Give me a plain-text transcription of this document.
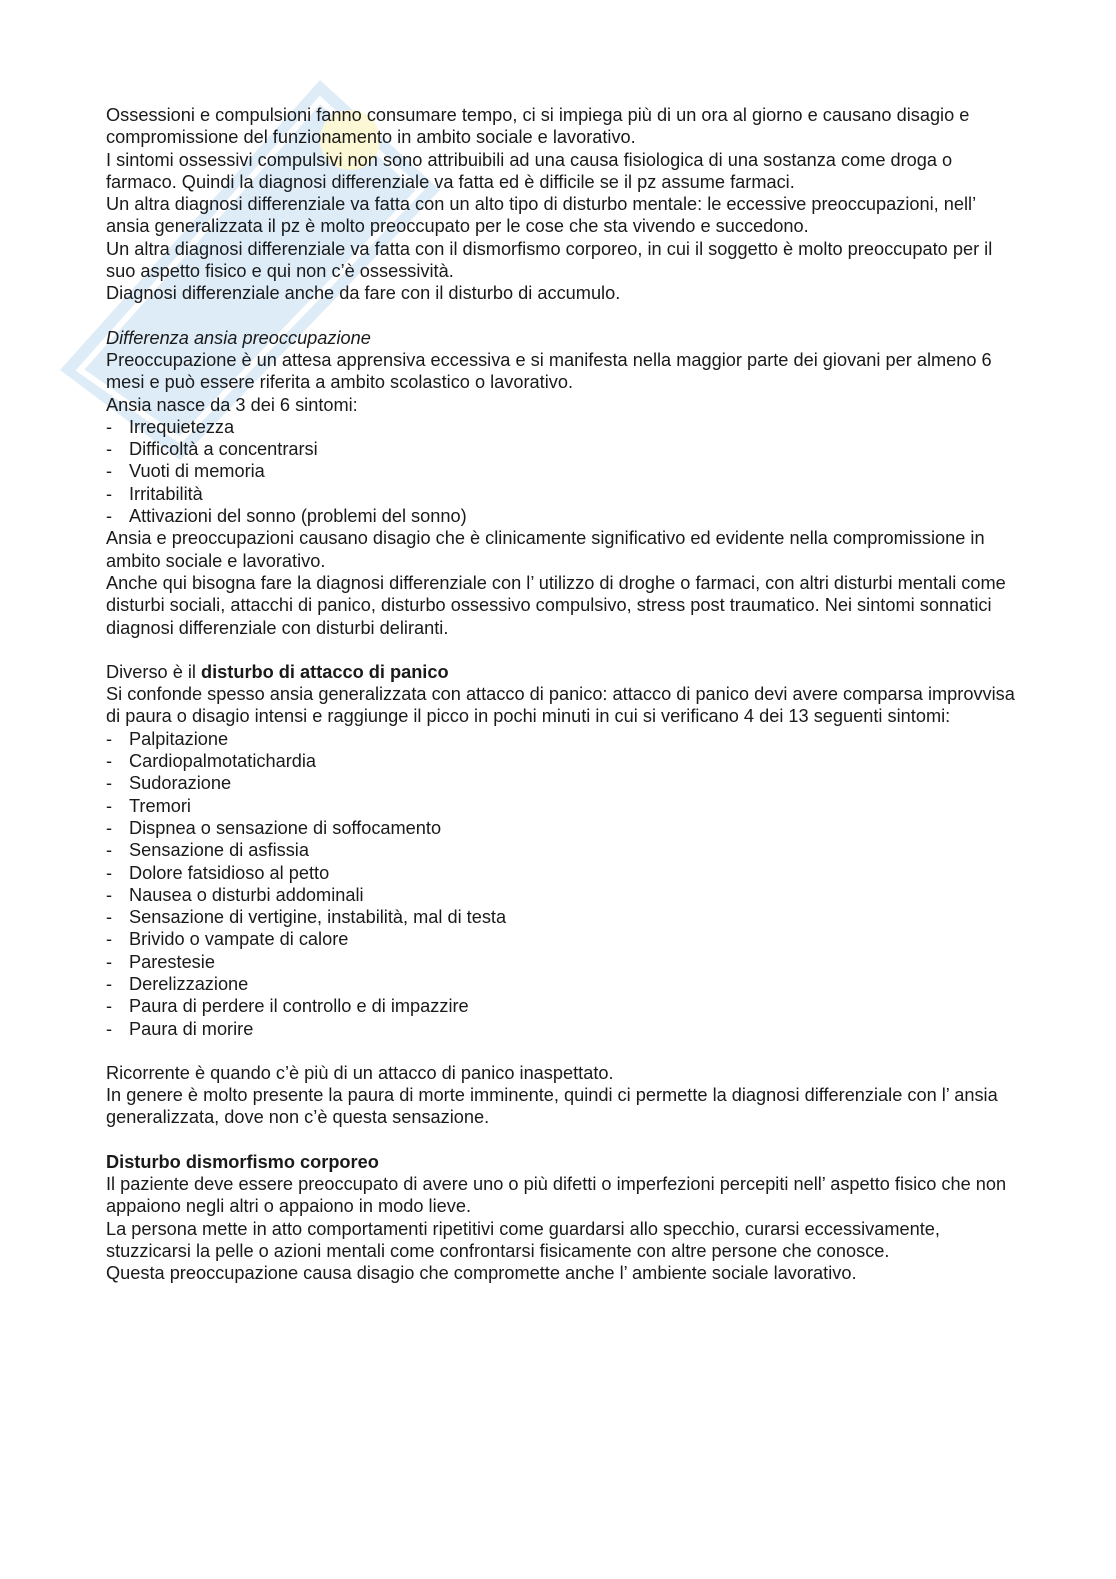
Ossessioni e compulsioni fanno consumare tempo, ci si impiega più di un ora al giorno e causano disagio e compromissione del funzionamento in ambito sociale e lavorativo.

I sintomi ossessivi compulsivi non sono attribuibili ad una causa fisiologica di una sostanza come droga o farmaco. Quindi la diagnosi differenziale va fatta ed è difficile se il pz assume farmaci.

Un altra diagnosi differenziale va fatta con un alto tipo di disturbo mentale: le eccessive preoccupazioni, nell’ ansia generalizzata il pz è molto preoccupato per le cose che sta vivendo e succedono.

Un altra diagnosi differenziale va fatta con il dismorfismo corporeo, in cui il soggetto è molto preoccupato per il suo aspetto fisico e qui non c’è ossessività.

Diagnosi differenziale anche da fare con il disturbo di accumulo.

Differenza ansia preoccupazione

Preoccupazione è un attesa apprensiva eccessiva e si manifesta nella maggior parte dei giovani per almeno 6 mesi e può essere riferita a ambito scolastico o lavorativo.

Ansia nasce da 3 dei 6 sintomi:

- Irrequietezza
- Difficoltà a concentrarsi
- Vuoti di memoria
- Irritabilità
- Attivazioni del sonno (problemi del sonno)

Ansia e preoccupazioni causano disagio che è clinicamente significativo ed evidente nella compromissione in ambito sociale e lavorativo.

Anche qui bisogna fare la diagnosi differenziale con l’ utilizzo di droghe o farmaci, con altri disturbi mentali come disturbi sociali, attacchi di panico, disturbo ossessivo compulsivo, stress post traumatico. Nei sintomi sonnatici diagnosi differenziale con disturbi deliranti.

Diverso è il disturbo di attacco di panico

Si confonde spesso ansia generalizzata con attacco di panico: attacco di panico devi avere comparsa improvvisa di paura o disagio intensi e raggiunge il picco in pochi minuti in cui si verificano 4 dei 13 seguenti sintomi:

- Palpitazione
- Cardiopalmotatichardia
- Sudorazione
- Tremori
- Dispnea o sensazione di soffocamento
- Sensazione di asfissia
- Dolore fatsidioso al petto
- Nausea o disturbi addominali
- Sensazione di vertigine, instabilità, mal di testa
- Brivido o vampate di calore
- Parestesie
- Derelizzazione
- Paura di perdere il controllo e di impazzire
- Paura di morire

Ricorrente è quando c’è più di un attacco di panico inaspettato.

In genere è molto presente la paura di morte imminente, quindi ci permette la diagnosi differenziale con l’ ansia generalizzata, dove non c’è questa sensazione.

Disturbo dismorfismo corporeo

Il paziente deve essere preoccupato di avere uno o più difetti o imperfezioni percepiti nell’ aspetto fisico che non appaiono negli altri o appaiono in modo lieve.

La persona mette in atto comportamenti ripetitivi come guardarsi allo specchio, curarsi eccessivamente, stuzzicarsi la pelle o azioni mentali come confrontarsi fisicamente con altre persone che conosce.

Questa preoccupazione causa disagio che compromette anche l’ ambiente sociale lavorativo.
